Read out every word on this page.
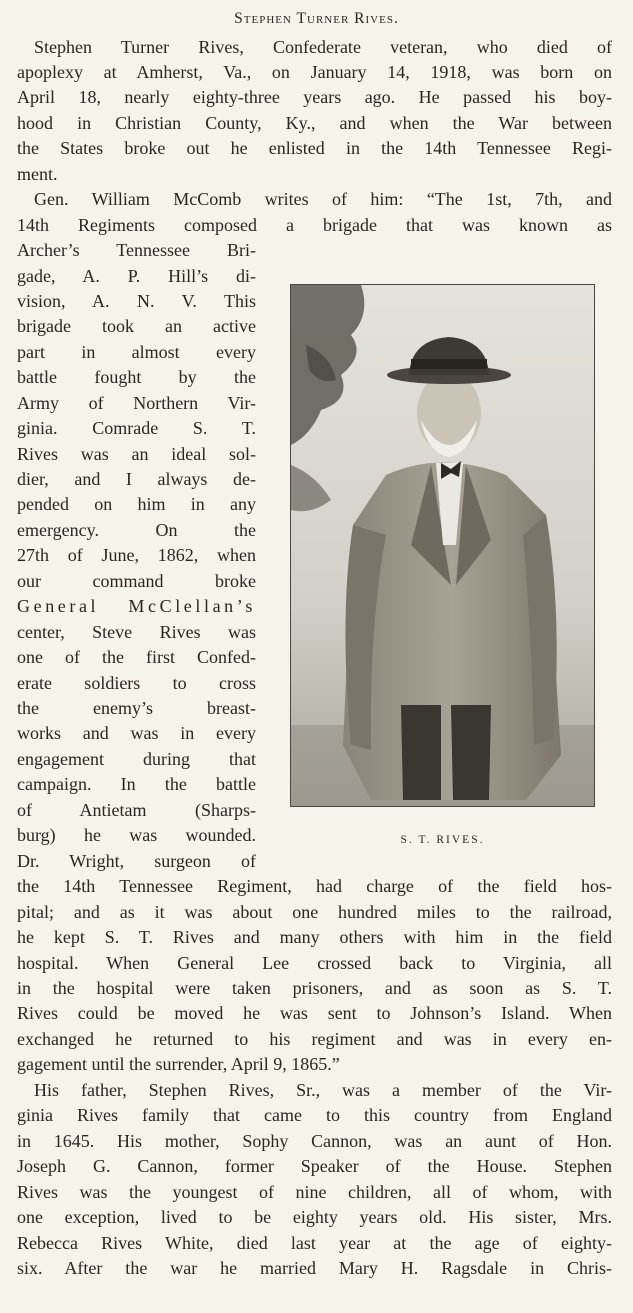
Stephen Turner Rives.

Stephen Turner Rives, Confederate veteran, who died of

apoplexy at Amherst, Va., on January 14, 1918, was born on

April 18, nearly eighty-three years ago. He passed his boy-

hood in Christian County, Ky., and when the War between

the States broke out he enlisted in the 14th Tennessee Regi-

ment.

Gen. William McComb writes of him: “The 1st, 7th, and

14th Regiments composed a brigade that was known as

Archer’s Tennessee Bri-

gade, A. P. Hill’s di-

vision, A. N. V. This

brigade took an active

part in almost every

battle fought by the

Army of Northern Vir-

ginia. Comrade S. T.

Rives was an ideal sol-

dier, and I always de-

pended on him in any

emergency. On the

27th of June, 1862, when

our command broke

General McClellan’s

center, Steve Rives was

one of the first Confed-

erate soldiers to cross

the enemy’s breast-

works and was in every

engagement during that

campaign. In the battle

of Antietam (Sharps-

burg) he was wounded.

Dr. Wright, surgeon of

the 14th Tennessee Regiment, had charge of the field hos-

pital; and as it was about one hundred miles to the railroad,

he kept S. T. Rives and many others with him in the field

hospital. When General Lee crossed back to Virginia, all

in the hospital were taken prisoners, and as soon as S. T.

Rives could be moved he was sent to Johnson’s Island. When

exchanged he returned to his regiment and was in every en-

gagement until the surrender, April 9, 1865.”

His father, Stephen Rives, Sr., was a member of the Vir-

ginia Rives family that came to this country from England

in 1645. His mother, Sophy Cannon, was an aunt of Hon.

Joseph G. Cannon, former Speaker of the House. Stephen

Rives was the youngest of nine children, all of whom, with

one exception, lived to be eighty years old. His sister, Mrs.

Rebecca Rives White, died last year at the age of eighty-

six. After the war he married Mary H. Ragsdale in Chris-

S. T. RIVES.
